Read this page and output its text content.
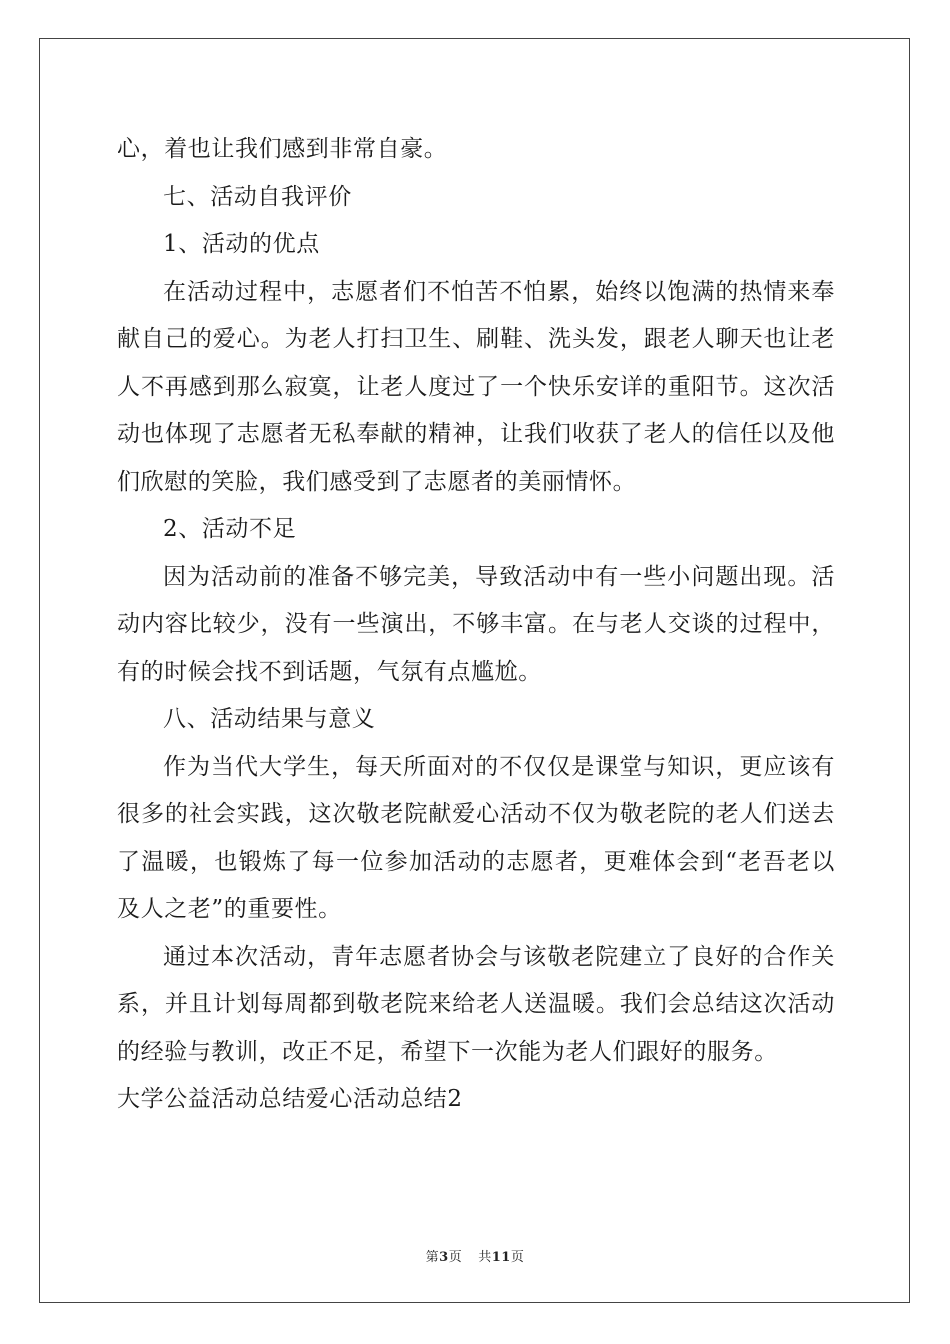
心，着也让我们感到非常自豪。

七、活动自我评价

1、活动的优点

在活动过程中，志愿者们不怕苦不怕累，始终以饱满的热情来奉

献自己的爱心。为老人打扫卫生、刷鞋、洗头发，跟老人聊天也让老

人不再感到那么寂寞，让老人度过了一个快乐安详的重阳节。这次活

动也体现了志愿者无私奉献的精神，让我们收获了老人的信任以及他

们欣慰的笑脸，我们感受到了志愿者的美丽情怀。

2、活动不足

因为活动前的准备不够完美，导致活动中有一些小问题出现。活

动内容比较少，没有一些演出，不够丰富。在与老人交谈的过程中，

有的时候会找不到话题，气氛有点尴尬。

八、活动结果与意义

作为当代大学生，每天所面对的不仅仅是课堂与知识，更应该有

很多的社会实践，这次敬老院献爱心活动不仅为敬老院的老人们送去

了温暖，也锻炼了每一位参加活动的志愿者，更难体会到“老吾老以

及人之老”的重要性。

通过本次活动，青年志愿者协会与该敬老院建立了良好的合作关

系，并且计划每周都到敬老院来给老人送温暖。我们会总结这次活动

的经验与教训，改正不足，希望下一次能为老人们跟好的服务。

大学公益活动总结爱心活动总结2

第3页 共11页
